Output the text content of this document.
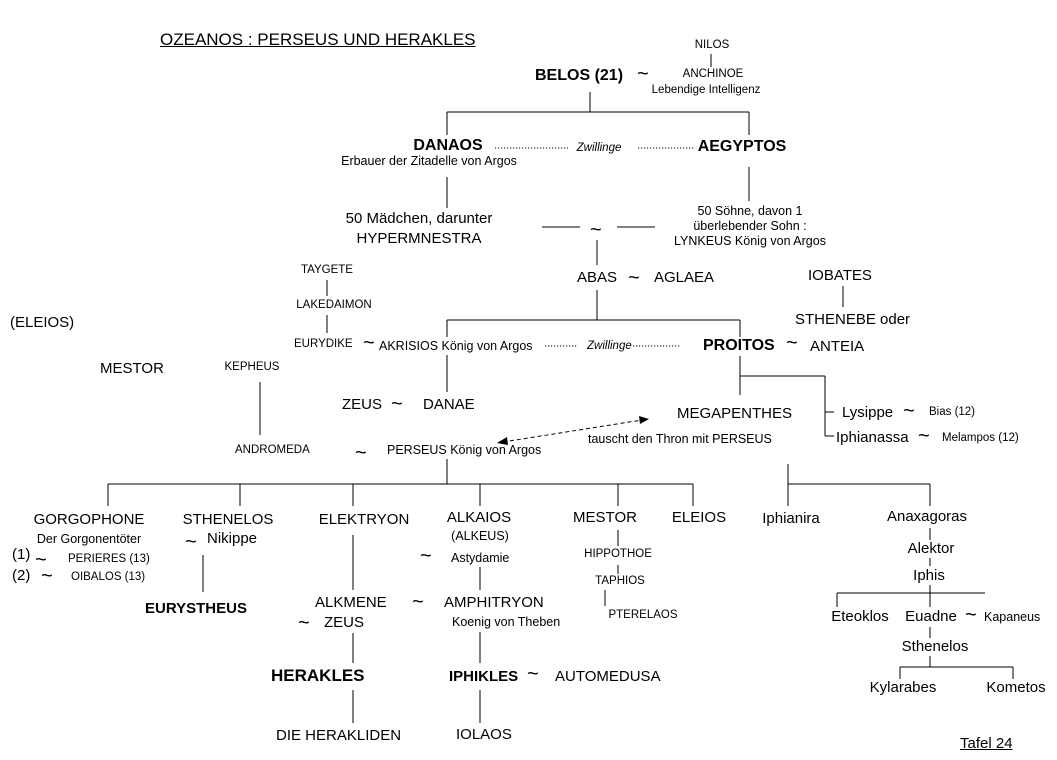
OZEANOS : PERSEUS UND HERAKLES	NILOS
BELOS (21) ~	ANCHINOE
Lebendige Intelligenz
DANAOS
Erbauer der Zitadelle von Argos
Zwillinge	AEGYPTOS
50 Mädchen, darunter
HYPERMNESTRA	~
50 Söhne, davon 1
überlebender Sohn :
LYNKEUS König von Argos
ABAS ~ AGLAEA
TAYGETE
LAKEDAIMON
IOBATES
STHENEBE oder
(ELEIOS)
EURYDIKE ~ AKRISIOS König von Argos	Zwillinge	PROITOS ~ ANTEIA
MESTOR	KEPHEUS
ZEUS ~ DANAE
MEGAPENTHES
tauscht den Thron mit PERSEUS
Lysippe ~ Bias (12)
Iphianassa ~ Melampos (12)
ANDROMEDA ~ PERSEUS König von Argos
GORGOPHONE
Der Gorgonentöter
(1) ~ PERIERES (13)
(2) ~ OIBALOS (13)
STHENELOS
~ Nikippe
EURYSTHEUS
ELEKTRYON	ALKAIOS
(ALKEUS)
~ Astydamie
MESTOR
HIPPOTHOE
TAPHIOS
PTERELAOS
ELEIOS Iphianira	Anaxagoras
Alektor
Iphis
Eteoklos Euadne ~ Kapaneus
Sthenelos
Kylarabes	Kometos
ALKMENE ~ AMPHITRYON
~ ZEUS	Koenig von Theben
HERAKLES	IPHIKLES ~ AUTOMEDUSA
DIE HERAKLIDEN	IOLAOS
Tafel 24
